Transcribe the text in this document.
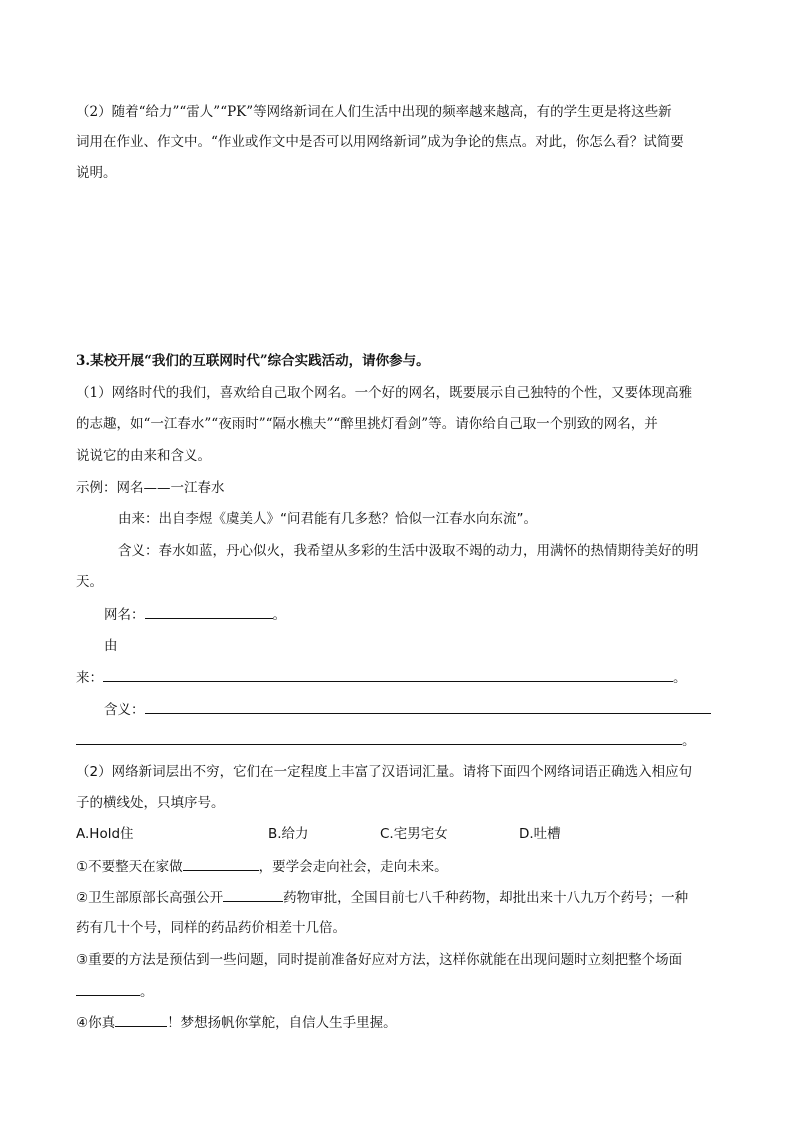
（2）随着“给力”“雷人”“PK”等网络新词在人们生活中出现的频率越来越高，有的学生更是将这些新
词用在作业、作文中。“作业或作文中是否可以用网络新词”成为争论的焦点。对此，你怎么看？试简要
说明。
3.某校开展“我们的互联网时代”综合实践活动，请你参与。
（1）网络时代的我们，喜欢给自己取个网名。一个好的网名，既要展示自己独特的个性，又要体现高雅
的志趣，如“一江春水”“夜雨时”“隔水樵夫”“醉里挑灯看剑”等。请你给自己取一个别致的网名，并
说说它的由来和含义。
示例：网名——一江春水
由来：出自李煜《虞美人》“问君能有几多愁？恰似一江春水向东流”。
含义：春水如蓝，丹心似火，我希望从多彩的生活中汲取不竭的动力，用满怀的热情期待美好的明
天。
网名：	。
由
来：	。
含义：
。
（2）网络新词层出不穷，它们在一定程度上丰富了汉语词汇量。请将下面四个网络词语正确选入相应句
子的横线处，只填序号。
A.Hold住	B.给力	C.宅男宅女	D.吐槽
①不要整天在家做	，要学会走向社会，走向未来。
②卫生部原部长高强公开	药物审批，全国目前七八千种药物，却批出来十八九万个药号；一种
药有几十个号，同样的药品药价相差十几倍。
③重要的方法是预估到一些问题，同时提前准备好应对方法，这样你就能在出现问题时立刻把整个场面
。
④你真	！梦想扬帆你掌舵，自信人生手里握。
